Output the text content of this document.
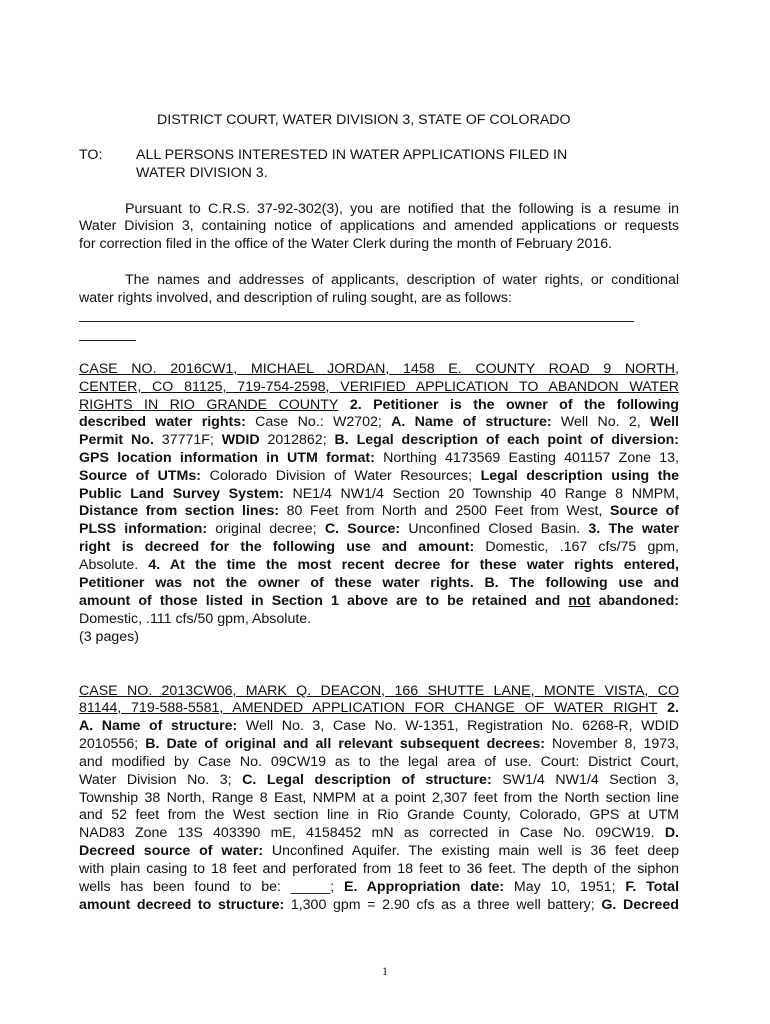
DISTRICT COURT, WATER DIVISION 3, STATE OF COLORADO
TO: ALL PERSONS INTERESTED IN WATER APPLICATIONS FILED IN
WATER DIVISION 3.
Pursuant to C.R.S. 37-92-302(3), you are notified that the following is a resume in
Water Division 3, containing notice of applications and amended applications or requests
for correction filed in the office of the Water Clerk during the month of February 2016.
The names and addresses of applicants, description of water rights, or conditional
water rights involved, and description of ruling sought, are as follows:
CASE NO. 2016CW1, MICHAEL JORDAN, 1458 E. COUNTY ROAD 9 NORTH,
CENTER, CO 81125, 719-754-2598, VERIFIED APPLICATION TO ABANDON WATER
RIGHTS IN RIO GRANDE COUNTY 2. Petitioner is the owner of the following
described water rights: Case No.: W2702; A. Name of structure: Well No. 2, Well
Permit No. 37771F; WDID 2012862; B. Legal description of each point of diversion:
GPS location information in UTM format: Northing 4173569 Easting 401157 Zone 13,
Source of UTMs: Colorado Division of Water Resources; Legal description using the
Public Land Survey System: NE1/4 NW1/4 Section 20 Township 40 Range 8 NMPM,
Distance from section lines: 80 Feet from North and 2500 Feet from West, Source of
PLSS information: original decree; C. Source: Unconfined Closed Basin. 3. The water
right is decreed for the following use and amount: Domestic, .167 cfs/75 gpm,
Absolute. 4. At the time the most recent decree for these water rights entered,
Petitioner was not the owner of these water rights. B. The following use and
amount of those listed in Section 1 above are to be retained and not abandoned:
Domestic, .111 cfs/50 gpm, Absolute.
(3 pages)
CASE NO. 2013CW06, MARK Q. DEACON, 166 SHUTTE LANE, MONTE VISTA, CO
81144, 719-588-5581, AMENDED APPLICATION FOR CHANGE OF WATER RIGHT 2.
A. Name of structure: Well No. 3, Case No. W-1351, Registration No. 6268-R, WDID
2010556; B. Date of original and all relevant subsequent decrees: November 8, 1973,
and modified by Case No. 09CW19 as to the legal area of use. Court: District Court,
Water Division No. 3; C. Legal description of structure: SW1/4 NW1/4 Section 3,
Township 38 North, Range 8 East, NMPM at a point 2,307 feet from the North section line
and 52 feet from the West section line in Rio Grande County, Colorado, GPS at UTM
NAD83 Zone 13S 403390 mE, 4158452 mN as corrected in Case No. 09CW19. D.
Decreed source of water: Unconfined Aquifer. The existing main well is 36 feet deep
with plain casing to 18 feet and perforated from 18 feet to 36 feet. The depth of the siphon
wells has been found to be: _____; E. Appropriation date: May 10, 1951; F. Total
amount decreed to structure: 1,300 gpm = 2.90 cfs as a three well battery; G. Decreed
1
